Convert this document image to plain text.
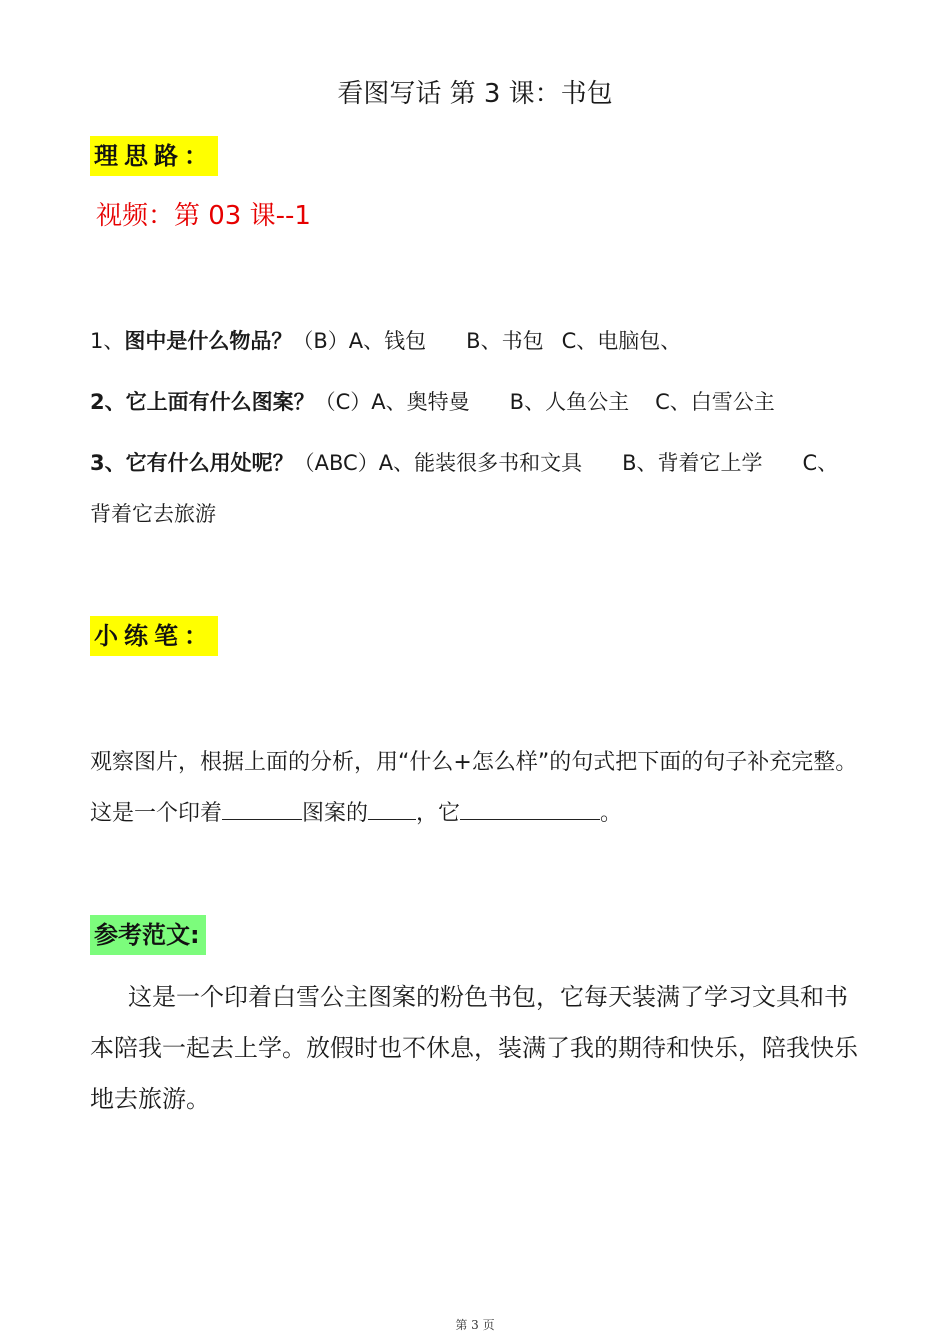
看图写话 第 3 课：书包
理思路：
视频：第 03 课--1
1、图中是什么物品？（B）A、钱包 B、书包 C、电脑包、
2、它上面有什么图案？（C）A、奥特曼 B、人鱼公主 C、白雪公主
3、它有什么用处呢？（ABC）A、能装很多书和文具 B、背着它上学 C、
背着它去旅游
小练笔：
观察图片，根据上面的分析，用“什么+怎么样”的句式把下面的句子补充完整。 这是一个印着	图案的 ，它	。
参考范文:
这是一个印着白雪公主图案的粉色书包，它每天装满了学习文具和书本陪我一起去上学。放假时也不休息，装满了我的期待和快乐，陪我快乐地去旅游。
第 3 页
